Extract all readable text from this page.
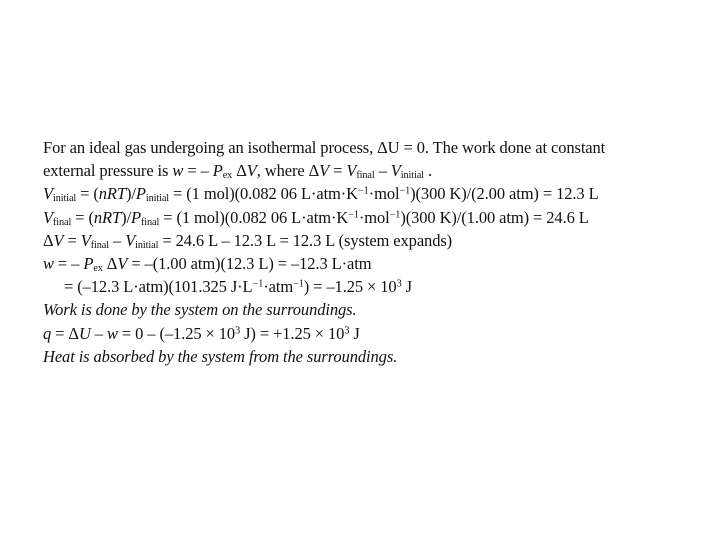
For an ideal gas undergoing an isothermal process, ΔU = 0. The work done at constant
external pressure is w = – $P_{ex}$ ΔV, where $\Delta V = V_{final} - V_{initial}$ .
$V_{initial} = (nRT)/P_{initial} = (1$ mol)(0.082 06 $L\cdot atm\cdot K^{-1}\cdot mol^{-1})(300$ K)/(2.00 atm) = 12.3 L
$V_{final} = (nRT)/P_{final} = (1$ mol)(0.082 06 $L\cdot atm\cdot K^{-1}\cdot mol^{-1})(300$ K)/(1.00 atm) = 24.6 L
$\Delta V = V_{final} - V_{initial} = 24.6$ L – 12.3 L = 12.3 L (system expands)
w = – $P_{ex}$ ΔV = –(1.00 atm)(12.3 L) = –12.3 L·atm
= (–12.3 L·atm)(101.325 $J\cdot L^{-1}\cdot atm^{-1}) = -1.25 \times 10^3$ J
Work is done by the system on the surroundings.
$q = \Delta U - w = 0 - (-1.25 \times 10^3$ $J) = +1.25 \times 10^3$ J
Heat is absorbed by the system from the surroundings.
